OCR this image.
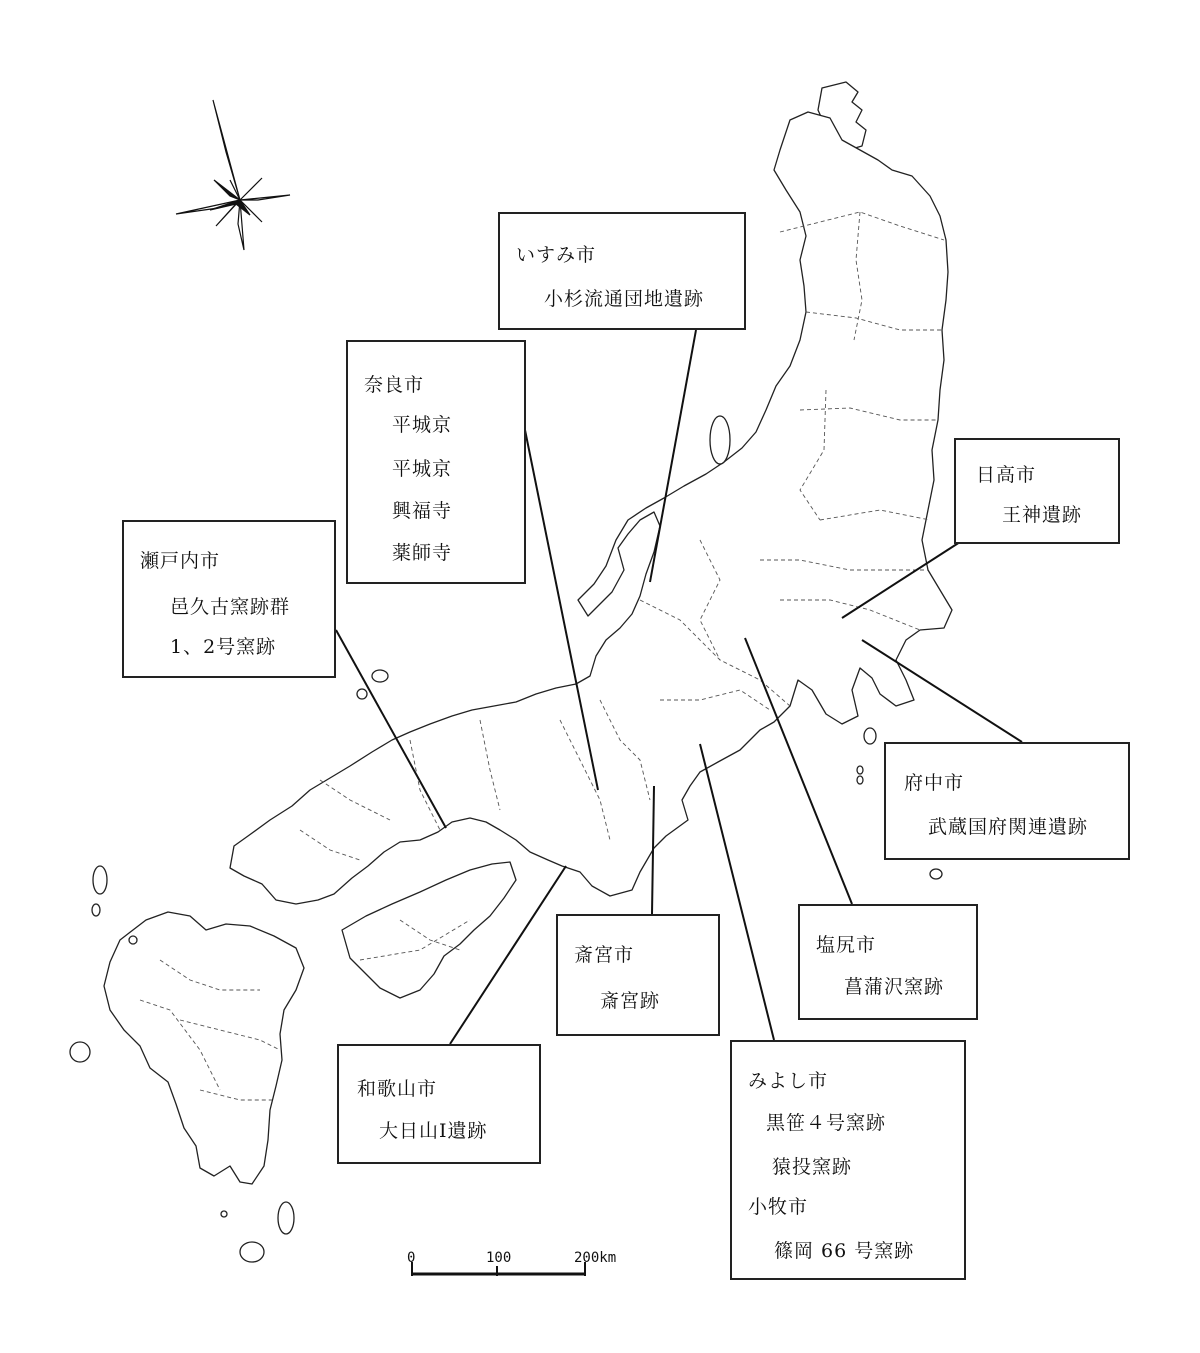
0	100	200km
いすみ市
小杉流通団地遺跡
奈良市
平城京
平城京
興福寺
薬師寺
瀬戸内市
邑久古窯跡群
1、2号窯跡
日高市
王神遺跡
府中市
武蔵国府関連遺跡
塩尻市
菖蒲沢窯跡
斎宮市
斎宮跡
和歌山市
大日山Ⅰ遺跡
みよし市
黒笹４号窯跡
猿投窯跡
小牧市
篠岡 66 号窯跡
